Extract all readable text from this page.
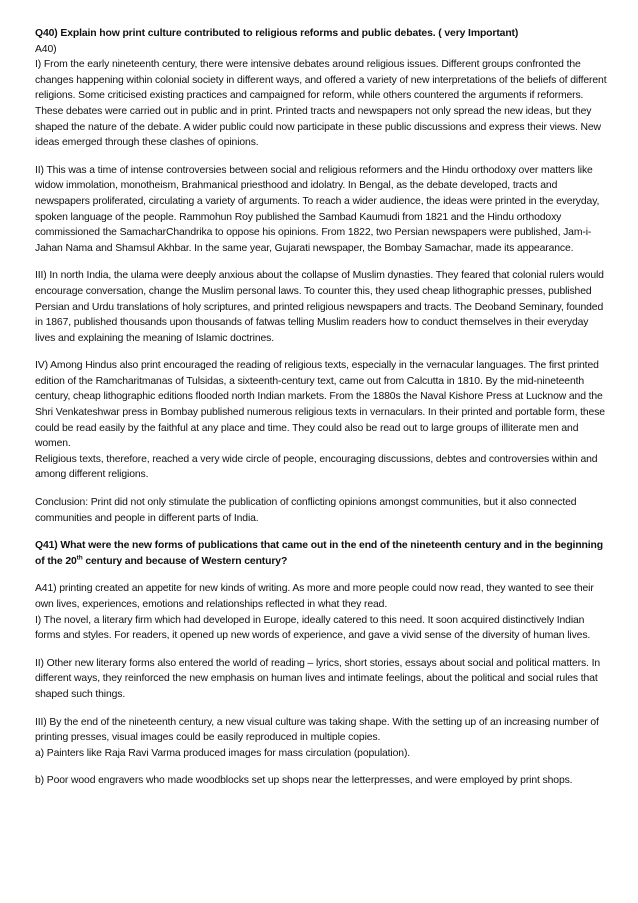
Q40) Explain how print culture contributed to religious reforms and public debates. ( very Important)

A40)

I) From the early nineteenth century, there were intensive debates around religious issues. Different groups confronted the changes happening within colonial society in different ways, and offered a variety of new interpretations of the beliefs of different religions. Some criticised existing practices and campaigned for reform, while others countered the arguments if reformers. These debates were carried out in public and in print. Printed tracts and newspapers not only spread the new ideas, but they shaped the nature of the debate. A wider public could now participate in these public discussions and express their views. New ideas emerged through these clashes of opinions.

II) This was a time of intense controversies between social and religious reformers and the Hindu orthodoxy over matters like widow immolation, monotheism, Brahmanical priesthood and idolatry. In Bengal, as the debate developed, tracts and newspapers proliferated, circulating a variety of arguments. To reach a wider audience, the ideas were printed in the everyday, spoken language of the people. Rammohun Roy published the Sambad Kaumudi from 1821 and the Hindu orthodoxy commissioned the SamacharChandrika to oppose his opinions. From 1822, two Persian newspapers were published, Jam-i-Jahan Nama and Shamsul Akhbar. In the same year, Gujarati newspaper, the Bombay Samachar, made its appearance.

III) In north India, the ulama were deeply anxious about the collapse of Muslim dynasties. They feared that colonial rulers would encourage conversation, change the Muslim personal laws. To counter this, they used cheap lithographic presses, published Persian and Urdu translations of holy scriptures, and printed religious newspapers and tracts. The Deoband Seminary, founded in 1867, published thousands upon thousands of fatwas telling Muslim readers how to conduct themselves in their everyday lives and explaining the meaning of Islamic doctrines.

IV) Among Hindus also print encouraged the reading of religious texts, especially in the vernacular languages. The first printed edition of the Ramcharitmanas of Tulsidas, a sixteenth-century text, came out from Calcutta in 1810. By the mid-nineteenth century, cheap lithographic editions flooded north Indian markets. From the 1880s the Naval Kishore Press at Lucknow and the Shri Venkateshwar press in Bombay published numerous religious texts in vernaculars. In their printed and portable form, these could be read easily by the faithful at any place and time. They could also be read out to large groups of illiterate men and women.

Religious texts, therefore, reached a very wide circle of people, encouraging discussions, debtes and controversies within and among different religions.

Conclusion: Print did not only stimulate the publication of conflicting opinions amongst communities, but it also connected communities and people in different parts of India.

Q41) What were the new forms of publications that came out in the end of the nineteenth century and in the beginning of the 20th century and because of Western century?

A41) printing created an appetite for new kinds of writing. As more and more people could now read, they wanted to see their own lives, experiences, emotions and relationships reflected in what they read.

I) The novel, a literary firm which had developed in Europe, ideally catered to this need. It soon acquired distinctively Indian forms and styles. For readers, it opened up new words of experience, and gave a vivid sense of the diversity of human lives.

II) Other new literary forms also entered the world of reading – lyrics, short stories, essays about social and political matters. In different ways, they reinforced the new emphasis on human lives and intimate feelings, about the political and social rules that shaped such things.

III) By the end of the nineteenth century, a new visual culture was taking shape. With the setting up of an increasing number of printing presses, visual images could be easily reproduced in multiple copies.

a) Painters like Raja Ravi Varma produced images for mass circulation (population).

b) Poor wood engravers who made woodblocks set up shops near the letterpresses, and were employed by print shops.
